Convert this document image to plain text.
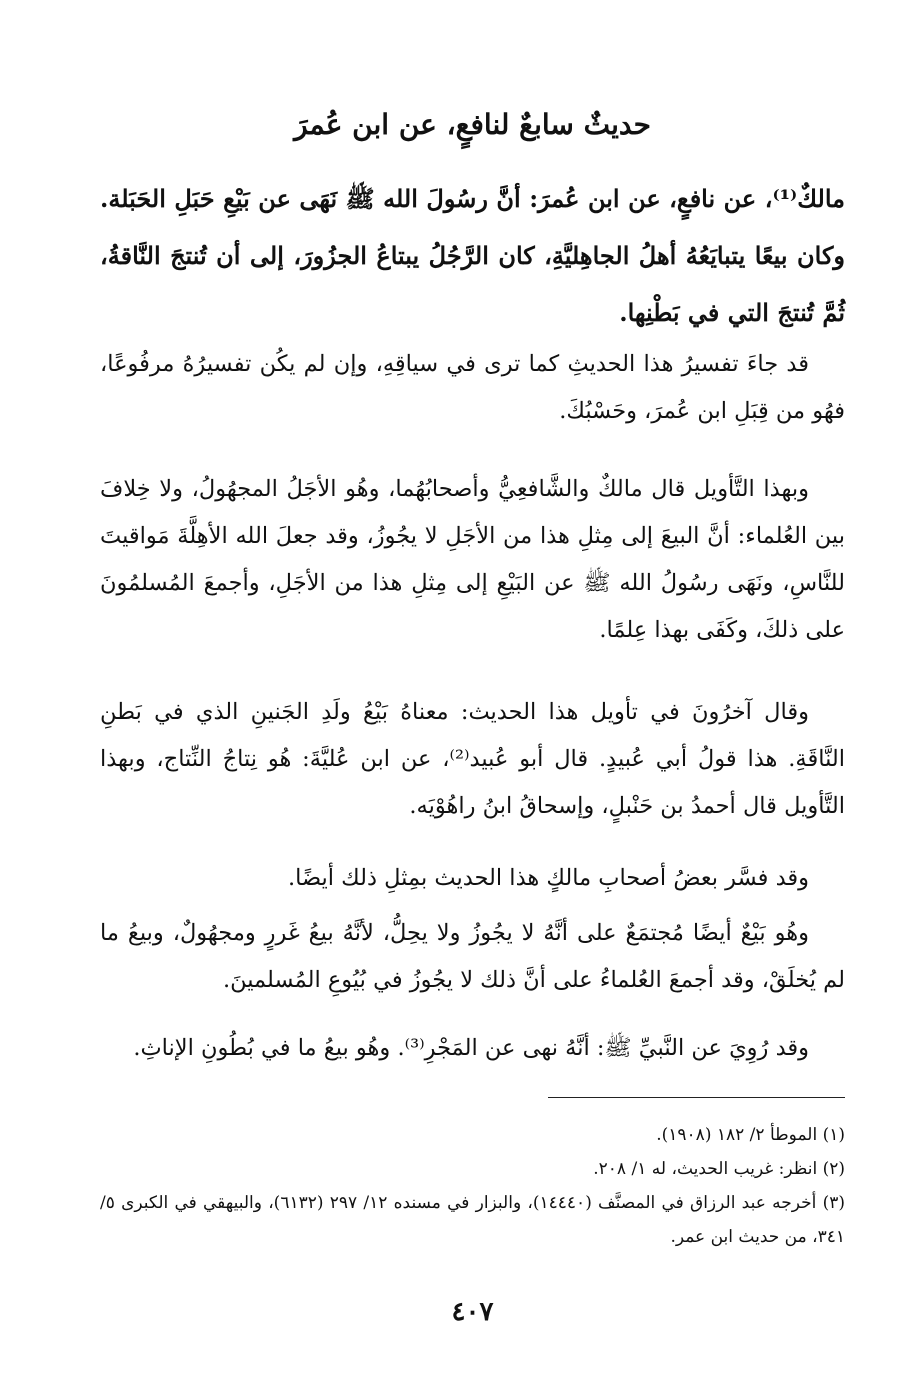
حديثٌ سابعٌ لنافعٍ، عن ابن عُمرَ

مالكٌ⁽¹⁾، عن نافعٍ، عن ابن عُمرَ: أنَّ رسُولَ الله ﷺ نَهَى عن بَيْعِ حَبَلِ الحَبَلة. وكان بيعًا يتبايَعُهُ أهلُ الجاهِليَّةِ، كان الرَّجُلُ يبتاعُ الجزُورَ، إلى أن تُنتجَ النَّاقةُ، ثُمَّ تُنتجَ التي في بَطْنِها.

قد جاءَ تفسيرُ هذا الحديثِ كما ترى في سياقِهِ، وإن لم يكُن تفسيرُهُ مرفُوعًا، فهُو من قِبَلِ ابن عُمرَ، وحَسْبُكَ.

وبهذا التَّأويل قال مالكٌ والشَّافعِيُّ وأصحابُهُما، وهُو الأجَلُ المجهُولُ، ولا خِلافَ بين العُلماء: أنَّ البيعَ إلى مِثلِ هذا من الأجَلِ لا يجُوزُ، وقد جعلَ الله الأهِلَّةَ مَواقيتَ للنَّاسِ، ونَهَى رسُولُ الله ﷺ عن البَيْعِ إلى مِثلِ هذا من الأجَلِ، وأجمعَ المُسلمُونَ على ذلكَ، وكَفَى بهذا عِلمًا.

وقال آخرُونَ في تأويل هذا الحديث: معناهُ بَيْعُ ولَدِ الجَنينِ الذي في بَطنِ النَّاقَةِ. هذا قولُ أبي عُبيدٍ. قال أبو عُبيد⁽²⁾، عن ابن عُليَّةَ: هُو نِتاجُ النِّتاج، وبهذا التَّأويل قال أحمدُ بن حَنْبلٍ، وإسحاقُ ابنُ راهُوْيَه.

وقد فسَّر بعضُ أصحابِ مالكٍ هذا الحديث بمِثلِ ذلك أيضًا.

وهُو بَيْعٌ أيضًا مُجتمَعٌ على أنَّهُ لا يجُوزُ ولا يحِلُّ، لأنَّهُ بيعُ غَررٍ ومجهُولٌ، وبيعُ ما لم يُخلَقْ، وقد أجمعَ العُلماءُ على أنَّ ذلك لا يجُوزُ في بُيُوعِ المُسلمينَ.

وقد رُوِيَ عن النَّبيِّ ﷺ: أنَّهُ نهى عن المَجْرِ⁽³⁾. وهُو بيعُ ما في بُطُونِ الإناثِ.

(١) الموطأ ٢/ ١٨٢ (١٩٠٨).

(٢) انظر: غريب الحديث، له ١/ ٢٠٨.

(٣) أخرجه عبد الرزاق في المصنَّف (١٤٤٤٠)، والبزار في مسنده ١٢/ ٢٩٧ (٦١٣٢)، والبيهقي في الكبرى ٥/ ٣٤١، من حديث ابن عمر.

٤٠٧
